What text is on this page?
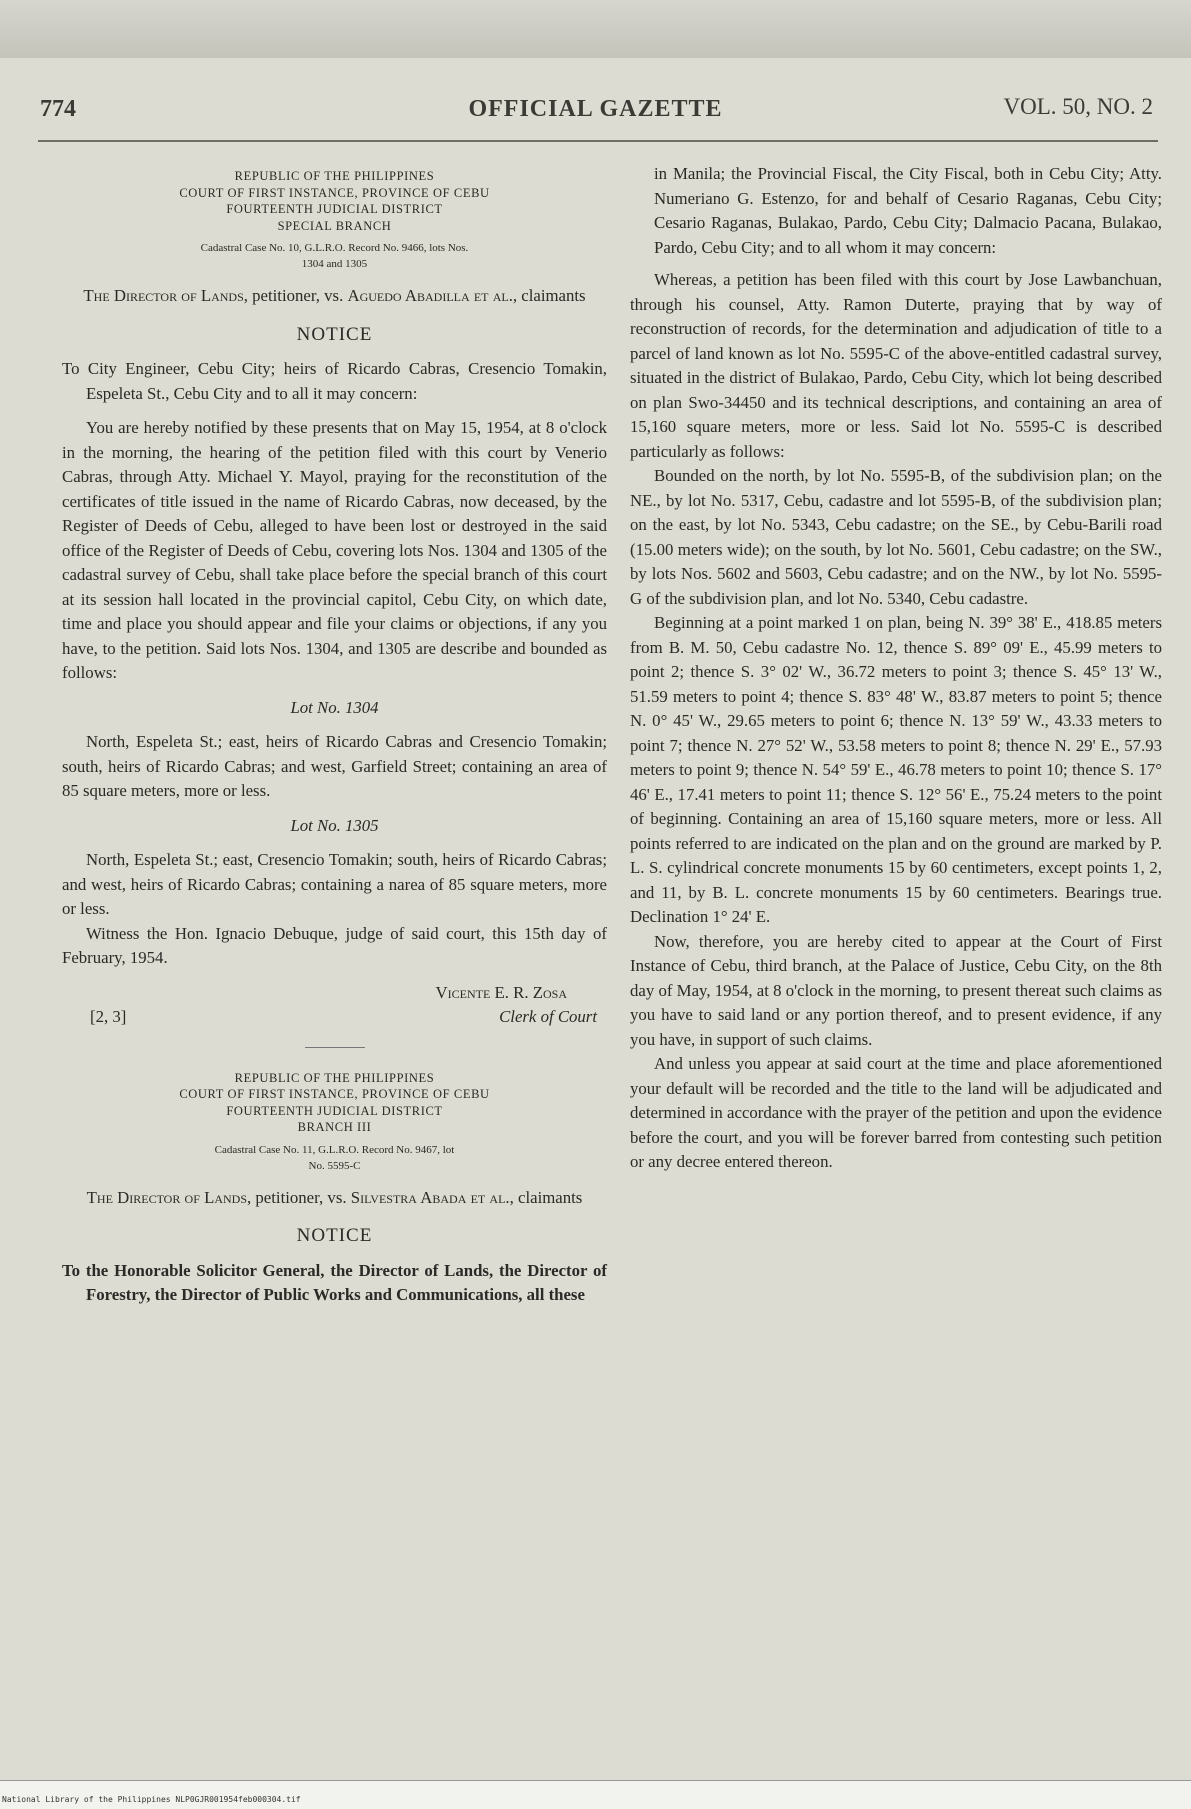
774	OFFICIAL GAZETTE	VOL. 50, NO. 2
REPUBLIC OF THE PHILIPPINES
COURT OF FIRST INSTANCE, PROVINCE OF CEBU
FOURTEENTH JUDICIAL DISTRICT
SPECIAL BRANCH
Cadastral Case No. 10, G.L.R.O. Record No. 9466, lots Nos.
1304 and 1305

The Director of Lands, petitioner, vs. Aguedo Abadilla et al., claimants

NOTICE

To City Engineer, Cebu City; heirs of Ricardo Cabras, Cresencio Tomakin, Espeleta St., Cebu City and to all it may concern:

You are hereby notified by these presents that on May 15, 1954, at 8 o'clock in the morning, the hearing of the petition filed with this court by Venerio Cabras, through Atty. Michael Y. Mayol, praying for the reconstitution of the certificates of title issued in the name of Ricardo Cabras, now deceased, by the Register of Deeds of Cebu, alleged to have been lost or destroyed in the said office of the Register of Deeds of Cebu, covering lots Nos. 1304 and 1305 of the cadastral survey of Cebu, shall take place before the special branch of this court at its session hall located in the provincial capitol, Cebu City, on which date, time and place you should appear and file your claims or objections, if any you have, to the petition. Said lots Nos. 1304, and 1305 are describe and bounded as follows:

Lot No. 1304

North, Espeleta St.; east, heirs of Ricardo Cabras and Cresencio Tomakin; south, heirs of Ricardo Cabras; and west, Garfield Street; containing an area of 85 square meters, more or less.

Lot No. 1305

North, Espeleta St.; east, Cresencio Tomakin; south, heirs of Ricardo Cabras; and west, heirs of Ricardo Cabras; containing a narea of 85 square meters, more or less.

Witness the Hon. Ignacio Debuque, judge of said court, this 15th day of February, 1954.

Vicente E. R. Zosa
[2, 3]	Clerk of Court
REPUBLIC OF THE PHILIPPINES
COURT OF FIRST INSTANCE, PROVINCE OF CEBU
FOURTEENTH JUDICIAL DISTRICT
BRANCH III
Cadastral Case No. 11, G.L.R.O. Record No. 9467, lot
No. 5595-C

The Director of Lands, petitioner, vs. Silvestra Abada et al., claimants

NOTICE

To the Honorable Solicitor General, the Director of Lands, the Director of Forestry, the Director of Public Works and Communications, all these

in Manila; the Provincial Fiscal, the City Fiscal, both in Cebu City; Atty. Numeriano G. Estenzo, for and behalf of Cesario Raganas, Cebu City; Cesario Raganas, Bulakao, Pardo, Cebu City; Dalmacio Pacana, Bulakao, Pardo, Cebu City; and to all whom it may concern:

Whereas, a petition has been filed with this court by Jose Lawbanchuan, through his counsel, Atty. Ramon Duterte, praying that by way of reconstruction of records, for the determination and adjudication of title to a parcel of land known as lot No. 5595-C of the above-entitled cadastral survey, situated in the district of Bulakao, Pardo, Cebu City, which lot being described on plan Swo-34450 and its technical descriptions, and containing an area of 15,160 square meters, more or less. Said lot No. 5595-C is described particularly as follows:

Bounded on the north, by lot No. 5595-B, of the subdivision plan; on the NE., by lot No. 5317, Cebu, cadastre and lot 5595-B, of the subdivision plan; on the east, by lot No. 5343, Cebu cadastre; on the SE., by Cebu-Barili road (15.00 meters wide); on the south, by lot No. 5601, Cebu cadastre; on the SW., by lots Nos. 5602 and 5603, Cebu cadastre; and on the NW., by lot No. 5595-G of the subdivision plan, and lot No. 5340, Cebu cadastre.

Beginning at a point marked 1 on plan, being N. 39° 38' E., 418.85 meters from B. M. 50, Cebu cadastre No. 12, thence S. 89° 09' E., 45.99 meters to point 2; thence S. 3° 02' W., 36.72 meters to point 3; thence S. 45° 13' W., 51.59 meters to point 4; thence S. 83° 48' W., 83.87 meters to point 5; thence N. 0° 45' W., 29.65 meters to point 6; thence N. 13° 59' W., 43.33 meters to point 7; thence N. 27° 52' W., 53.58 meters to point 8; thence N. 29' E., 57.93 meters to point 9; thence N. 54° 59' E., 46.78 meters to point 10; thence S. 17° 46' E., 17.41 meters to point 11; thence S. 12° 56' E., 75.24 meters to the point of beginning. Containing an area of 15,160 square meters, more or less. All points referred to are indicated on the plan and on the ground are marked by P. L. S. cylindrical concrete monuments 15 by 60 centimeters, except points 1, 2, and 11, by B. L. concrete monuments 15 by 60 centimeters. Bearings true. Declination 1° 24' E.

Now, therefore, you are hereby cited to appear at the Court of First Instance of Cebu, third branch, at the Palace of Justice, Cebu City, on the 8th day of May, 1954, at 8 o'clock in the morning, to present thereat such claims as you have to said land or any portion thereof, and to present evidence, if any you have, in support of such claims.

And unless you appear at said court at the time and place aforementioned your default will be recorded and the title to the land will be adjudicated and determined in accordance with the prayer of the petition and upon the evidence before the court, and you will be forever barred from contesting such petition or any decree entered thereon.

National Library of the Philippines NLP0GJR001954feb000304.tif
